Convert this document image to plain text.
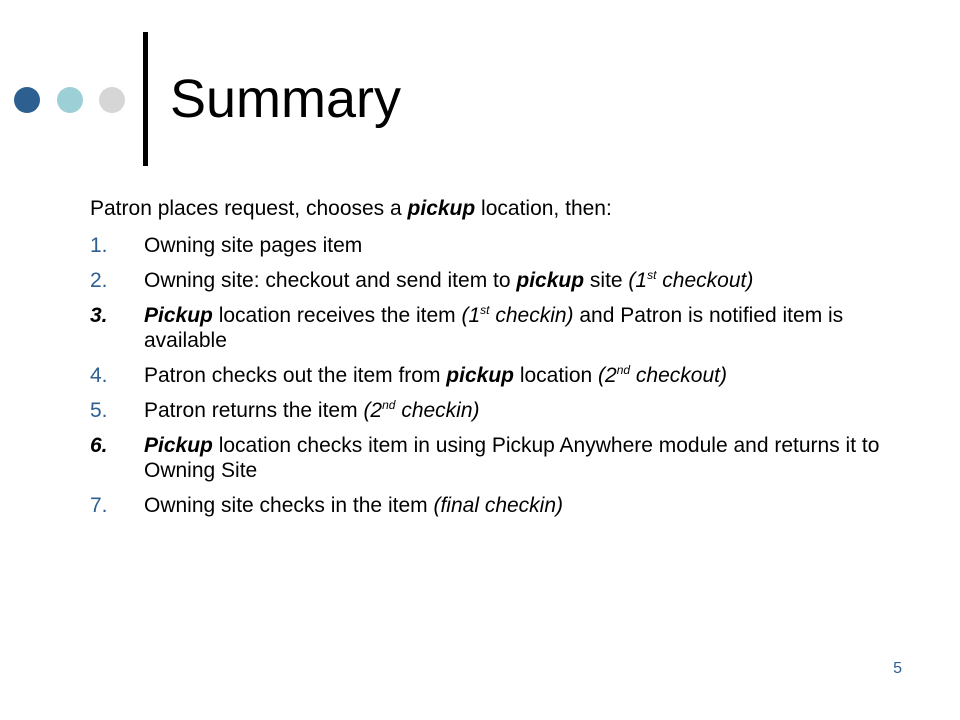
Summary

Patron places request, chooses a pickup location, then:

1.	Owning site pages item
2.	Owning site: checkout and send item to pickup site (1st checkout)
3.	Pickup location receives the item (1st checkin) and Patron is notified item is available
4.	Patron checks out the item from pickup location (2nd checkout)
5.	Patron returns the item (2nd checkin)
6.	Pickup location checks item in using Pickup Anywhere module and returns it to Owning Site
7.	Owning site checks in the item (final checkin)
5
